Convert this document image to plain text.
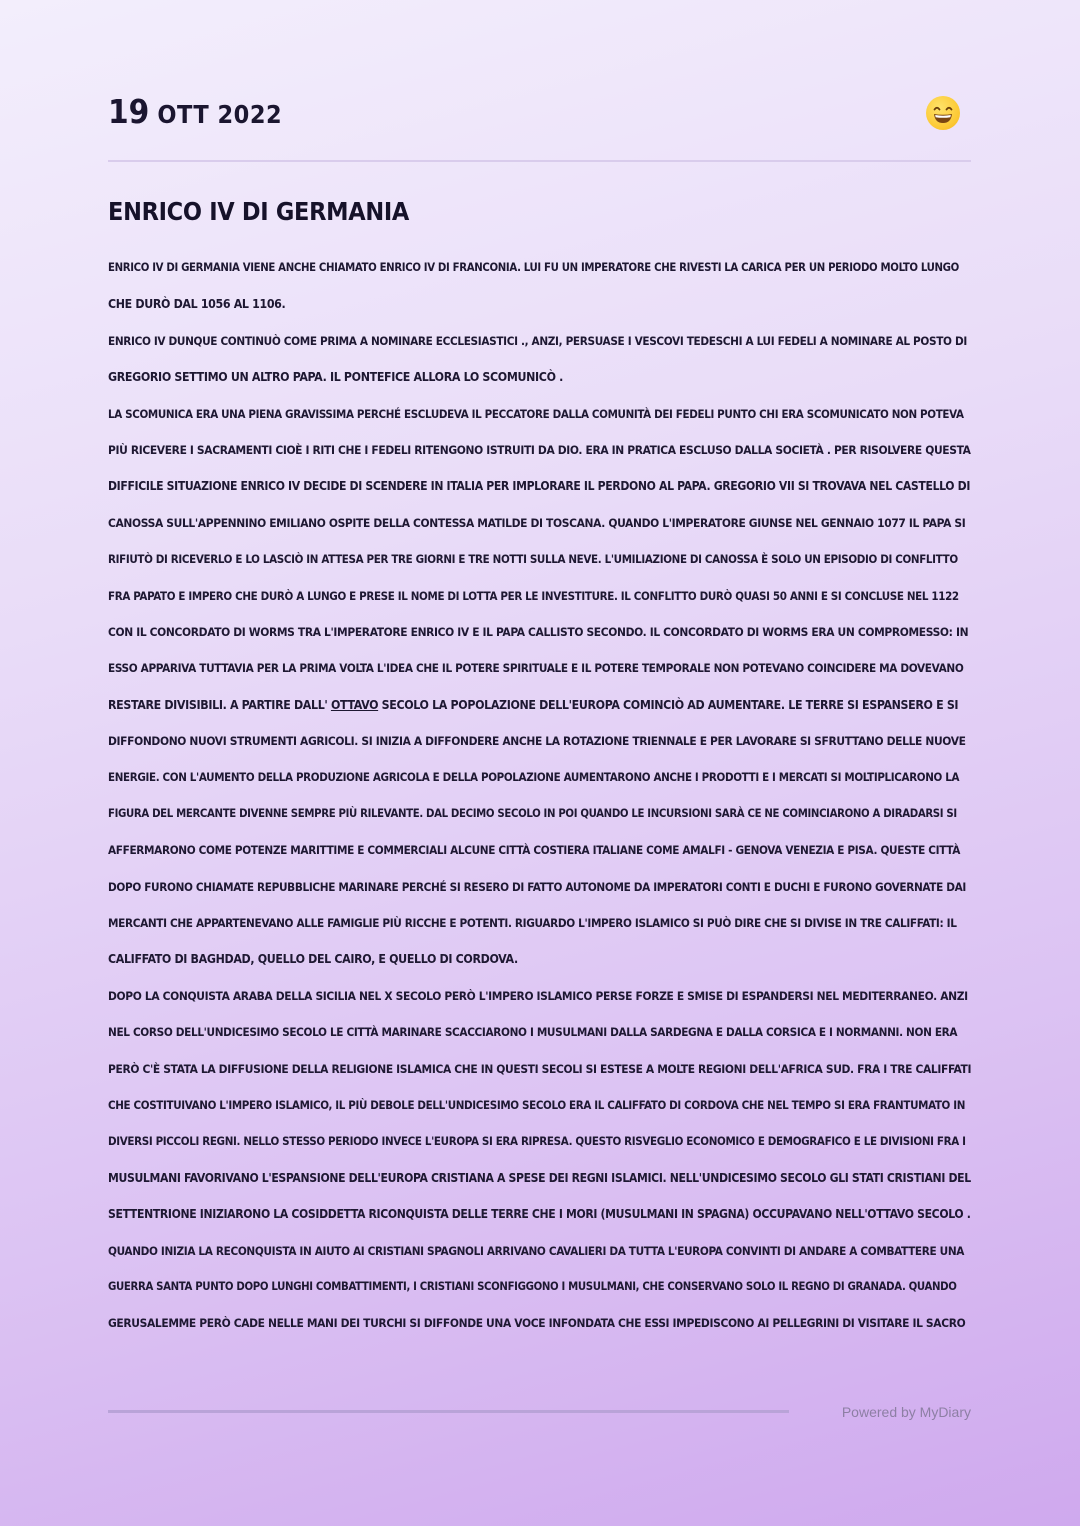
19 OTT 2022
ENRICO IV DI GERMANIA
ENRICO IV DI GERMANIA VIENE ANCHE CHIAMATO ENRICO IV DI FRANCONIA. LUI FU UN IMPERATORE CHE RIVESTI LA CARICA PER UN PERIODO MOLTO LUNGO
CHE DURÒ DAL 1056 AL 1106.
ENRICO IV DUNQUE CONTINUÒ COME PRIMA A NOMINARE ECCLESIASTICI ., ANZI, PERSUASE I VESCOVI TEDESCHI A LUI FEDELI A NOMINARE AL POSTO DI
GREGORIO SETTIMO UN ALTRO PAPA. IL PONTEFICE ALLORA LO SCOMUNICÒ .
LA SCOMUNICA ERA UNA PIENA GRAVISSIMA PERCHÉ ESCLUDEVA IL PECCATORE DALLA COMUNITÀ DEI FEDELI PUNTO CHI ERA SCOMUNICATO NON POTEVA
PIÙ RICEVERE I SACRAMENTI CIOÈ I RITI CHE I FEDELI RITENGONO ISTRUITI DA DIO. ERA IN PRATICA ESCLUSO DALLA SOCIETÀ . PER RISOLVERE QUESTA
DIFFICILE SITUAZIONE ENRICO IV DECIDE DI SCENDERE IN ITALIA PER IMPLORARE IL PERDONO AL PAPA. GREGORIO VII SI TROVAVA NEL CASTELLO DI
CANOSSA SULL'APPENNINO EMILIANO OSPITE DELLA CONTESSA MATILDE DI TOSCANA. QUANDO L'IMPERATORE GIUNSE NEL GENNAIO 1077 IL PAPA SI
RIFIUTÒ DI RICEVERLO E LO LASCIÒ IN ATTESA PER TRE GIORNI E TRE NOTTI SULLA NEVE. L'UMILIAZIONE DI CANOSSA È SOLO UN EPISODIO DI CONFLITTO
FRA PAPATO E IMPERO CHE DURÒ A LUNGO E PRESE IL NOME DI LOTTA PER LE INVESTITURE. IL CONFLITTO DURÒ QUASI 50 ANNI E SI CONCLUSE NEL 1122
CON IL CONCORDATO DI WORMS TRA L'IMPERATORE ENRICO IV E IL PAPA CALLISTO SECONDO. IL CONCORDATO DI WORMS ERA UN COMPROMESSO: IN
ESSO APPARIVA TUTTAVIA PER LA PRIMA VOLTA L'IDEA CHE IL POTERE SPIRITUALE E IL POTERE TEMPORALE NON POTEVANO COINCIDERE MA DOVEVANO
RESTARE DIVISIBILI. A PARTIRE DALL' OTTAVO SECOLO LA POPOLAZIONE DELL'EUROPA COMINCIÒ AD AUMENTARE. LE TERRE SI ESPANSERO E SI
DIFFONDONO NUOVI STRUMENTI AGRICOLI. SI INIZIA A DIFFONDERE ANCHE LA ROTAZIONE TRIENNALE E PER LAVORARE SI SFRUTTANO DELLE NUOVE
ENERGIE. CON L'AUMENTO DELLA PRODUZIONE AGRICOLA E DELLA POPOLAZIONE AUMENTARONO ANCHE I PRODOTTI E I MERCATI SI MOLTIPLICARONO LA
FIGURA DEL MERCANTE DIVENNE SEMPRE PIÙ RILEVANTE. DAL DECIMO SECOLO IN POI QUANDO LE INCURSIONI SARÀ CE NE COMINCIARONO A DIRADARSI SI
AFFERMARONO COME POTENZE MARITTIME E COMMERCIALI ALCUNE CITTÀ COSTIERA ITALIANE COME AMALFI - GENOVA VENEZIA E PISA. QUESTE CITTÀ
DOPO FURONO CHIAMATE REPUBBLICHE MARINARE PERCHÉ SI RESERO DI FATTO AUTONOME DA IMPERATORI CONTI E DUCHI E FURONO GOVERNATE DAI
MERCANTI CHE APPARTENEVANO ALLE FAMIGLIE PIÙ RICCHE E POTENTI. RIGUARDO L'IMPERO ISLAMICO SI PUÒ DIRE CHE SI DIVISE IN TRE CALIFFATI: IL
CALIFFATO DI BAGHDAD, QUELLO DEL CAIRO, E QUELLO DI CORDOVA.
DOPO LA CONQUISTA ARABA DELLA SICILIA NEL X SECOLO PERÒ L'IMPERO ISLAMICO PERSE FORZE E SMISE DI ESPANDERSI NEL MEDITERRANEO. ANZI
NEL CORSO DELL'UNDICESIMO SECOLO LE CITTÀ MARINARE SCACCIARONO I MUSULMANI DALLA SARDEGNA E DALLA CORSICA E I NORMANNI. NON ERA
PERÒ C'È STATA LA DIFFUSIONE DELLA RELIGIONE ISLAMICA CHE IN QUESTI SECOLI SI ESTESE A MOLTE REGIONI DELL'AFRICA SUD. FRA I TRE CALIFFATI
CHE COSTITUIVANO L'IMPERO ISLAMICO, IL PIÙ DEBOLE DELL'UNDICESIMO SECOLO ERA IL CALIFFATO DI CORDOVA CHE NEL TEMPO SI ERA FRANTUMATO IN
DIVERSI PICCOLI REGNI. NELLO STESSO PERIODO INVECE L'EUROPA SI ERA RIPRESA. QUESTO RISVEGLIO ECONOMICO E DEMOGRAFICO E LE DIVISIONI FRA I
MUSULMANI FAVORIVANO L'ESPANSIONE DELL'EUROPA CRISTIANA A SPESE DEI REGNI ISLAMICI. NELL'UNDICESIMO SECOLO GLI STATI CRISTIANI DEL
SETTENTRIONE INIZIARONO LA COSIDDETTA RICONQUISTA DELLE TERRE CHE I MORI (MUSULMANI IN SPAGNA) OCCUPAVANO NELL'OTTAVO SECOLO .
QUANDO INIZIA LA RECONQUISTA IN AIUTO AI CRISTIANI SPAGNOLI ARRIVANO CAVALIERI DA TUTTA L'EUROPA CONVINTI DI ANDARE A COMBATTERE UNA
GUERRA SANTA PUNTO DOPO LUNGHI COMBATTIMENTI, I CRISTIANI SCONFIGGONO I MUSULMANI, CHE CONSERVANO SOLO IL REGNO DI GRANADA. QUANDO
GERUSALEMME PERÒ CADE NELLE MANI DEI TURCHI SI DIFFONDE UNA VOCE INFONDATA CHE ESSI IMPEDISCONO AI PELLEGRINI DI VISITARE IL SACRO
Powered by MyDiary
